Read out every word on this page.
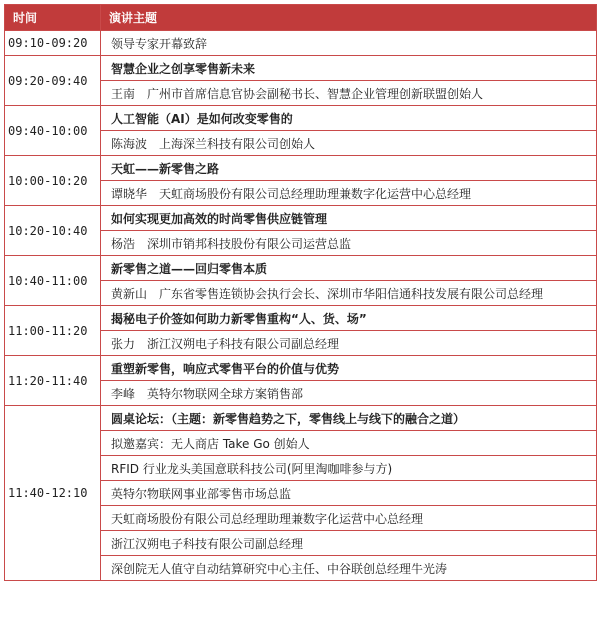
时间	演讲主题
09:10-09:20	领导专家开幕致辞
09:20-09:40	智慧企业之创享零售新未来
	王南　广州市首席信息官协会副秘书长、智慧企业管理创新联盟创始人
09:40-10:00	人工智能（AI）是如何改变零售的
	陈海波　上海深兰科技有限公司创始人
10:00-10:20	天虹——新零售之路
	谭晓华　天虹商场股份有限公司总经理助理兼数字化运营中心总经理
10:20-10:40	如何实现更加高效的时尚零售供应链管理
	杨浩　深圳市销邦科技股份有限公司运营总监
10:40-11:00	新零售之道——回归零售本质
	黄新山　广东省零售连锁协会执行会长、深圳市华阳信通科技发展有限公司总经理
11:00-11:20	揭秘电子价签如何助力新零售重构“人、货、场”
	张力　浙江汉朔电子科技有限公司副总经理
11:20-11:40	重塑新零售，响应式零售平台的价值与优势
	李峰　英特尔物联网全球方案销售部
11:40-12:10	圆桌论坛：（主题：新零售趋势之下，零售线上与线下的融合之道）
	拟邀嘉宾：无人商店 Take Go 创始人
	RFID 行业龙头美国意联科技公司(阿里淘咖啡参与方)
	英特尔物联网事业部零售市场总监
	天虹商场股份有限公司总经理助理兼数字化运营中心总经理
	浙江汉朔电子科技有限公司副总经理
	深创院无人值守自动结算研究中心主任、中谷联创总经理牛光涛
